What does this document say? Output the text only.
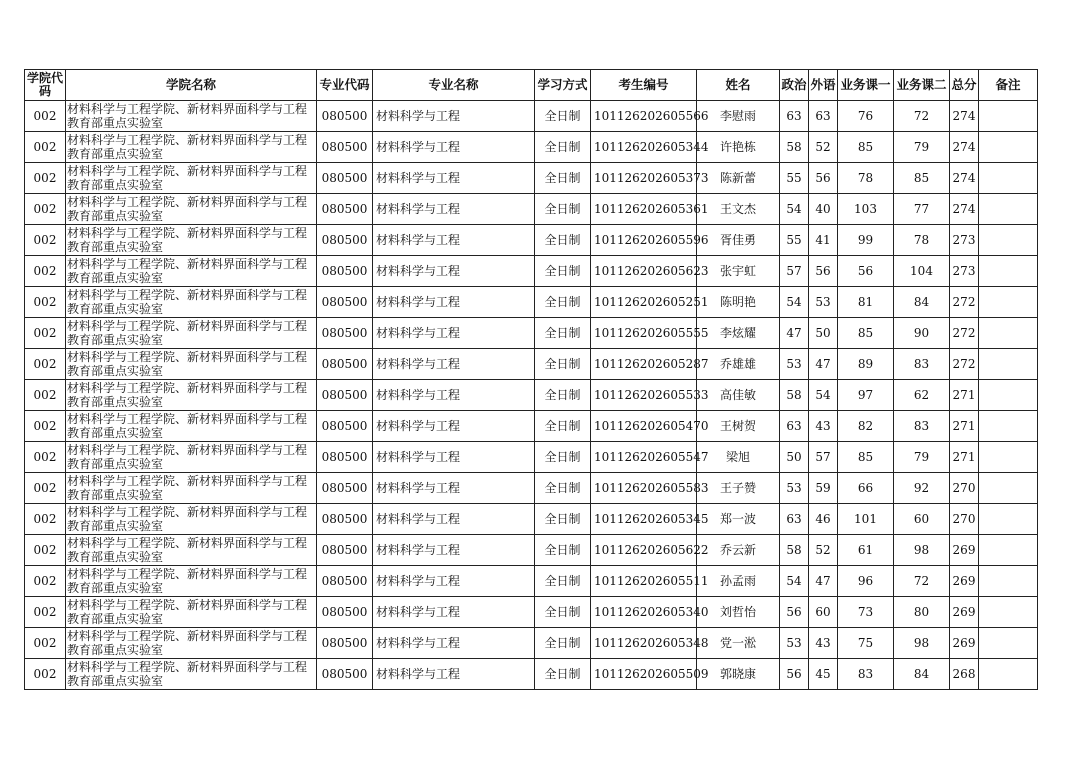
学院代码	学院名称	专业代码	专业名称	学习方式	考生编号	姓名	政治	外语	业务课一	业务课二	总分	备注
002	材料科学与工程学院、新材料界面科学与工程教育部重点实验室	080500	材料科学与工程	全日制	101126202605566	李慰雨	63	63	76	72	274	
002	材料科学与工程学院、新材料界面科学与工程教育部重点实验室	080500	材料科学与工程	全日制	101126202605344	许艳栋	58	52	85	79	274	
002	材料科学与工程学院、新材料界面科学与工程教育部重点实验室	080500	材料科学与工程	全日制	101126202605373	陈新蕾	55	56	78	85	274	
002	材料科学与工程学院、新材料界面科学与工程教育部重点实验室	080500	材料科学与工程	全日制	101126202605361	王文杰	54	40	103	77	274	
002	材料科学与工程学院、新材料界面科学与工程教育部重点实验室	080500	材料科学与工程	全日制	101126202605596	胥佳勇	55	41	99	78	273	
002	材料科学与工程学院、新材料界面科学与工程教育部重点实验室	080500	材料科学与工程	全日制	101126202605623	张宇虹	57	56	56	104	273	
002	材料科学与工程学院、新材料界面科学与工程教育部重点实验室	080500	材料科学与工程	全日制	101126202605251	陈明艳	54	53	81	84	272	
002	材料科学与工程学院、新材料界面科学与工程教育部重点实验室	080500	材料科学与工程	全日制	101126202605555	李炫耀	47	50	85	90	272	
002	材料科学与工程学院、新材料界面科学与工程教育部重点实验室	080500	材料科学与工程	全日制	101126202605287	乔雄雄	53	47	89	83	272	
002	材料科学与工程学院、新材料界面科学与工程教育部重点实验室	080500	材料科学与工程	全日制	101126202605533	高佳敏	58	54	97	62	271	
002	材料科学与工程学院、新材料界面科学与工程教育部重点实验室	080500	材料科学与工程	全日制	101126202605470	王树贺	63	43	82	83	271	
002	材料科学与工程学院、新材料界面科学与工程教育部重点实验室	080500	材料科学与工程	全日制	101126202605547	梁旭	50	57	85	79	271	
002	材料科学与工程学院、新材料界面科学与工程教育部重点实验室	080500	材料科学与工程	全日制	101126202605583	王子赞	53	59	66	92	270	
002	材料科学与工程学院、新材料界面科学与工程教育部重点实验室	080500	材料科学与工程	全日制	101126202605345	郑一波	63	46	101	60	270	
002	材料科学与工程学院、新材料界面科学与工程教育部重点实验室	080500	材料科学与工程	全日制	101126202605622	乔云新	58	52	61	98	269	
002	材料科学与工程学院、新材料界面科学与工程教育部重点实验室	080500	材料科学与工程	全日制	101126202605511	孙孟雨	54	47	96	72	269	
002	材料科学与工程学院、新材料界面科学与工程教育部重点实验室	080500	材料科学与工程	全日制	101126202605340	刘哲怡	56	60	73	80	269	
002	材料科学与工程学院、新材料界面科学与工程教育部重点实验室	080500	材料科学与工程	全日制	101126202605348	党一淞	53	43	75	98	269	
002	材料科学与工程学院、新材料界面科学与工程教育部重点实验室	080500	材料科学与工程	全日制	101126202605509	郭晓康	56	45	83	84	268	
